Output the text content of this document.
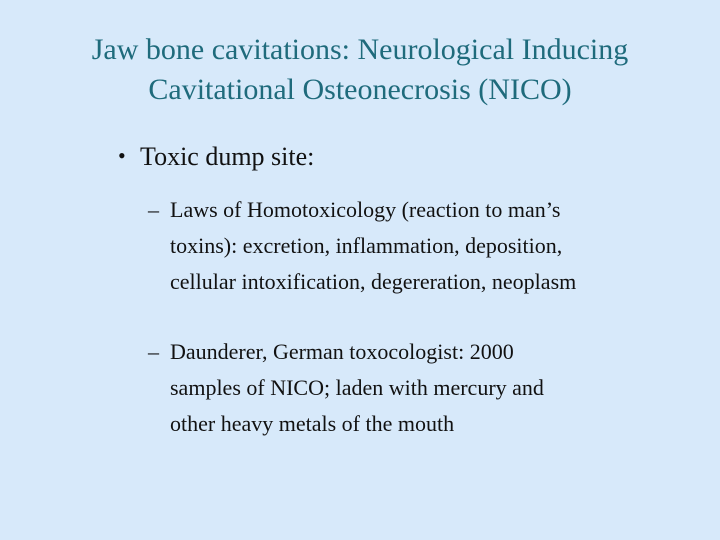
Jaw bone cavitations: Neurological Inducing
Cavitational Osteonecrosis (NICO)
• Toxic dump site:
– Laws of Homotoxicology (reaction to man’s
toxins): excretion, inflammation, deposition,
cellular intoxification, degereration, neoplasm
– Daunderer, German toxocologist: 2000
samples of NICO; laden with mercury and
other heavy metals of the mouth
